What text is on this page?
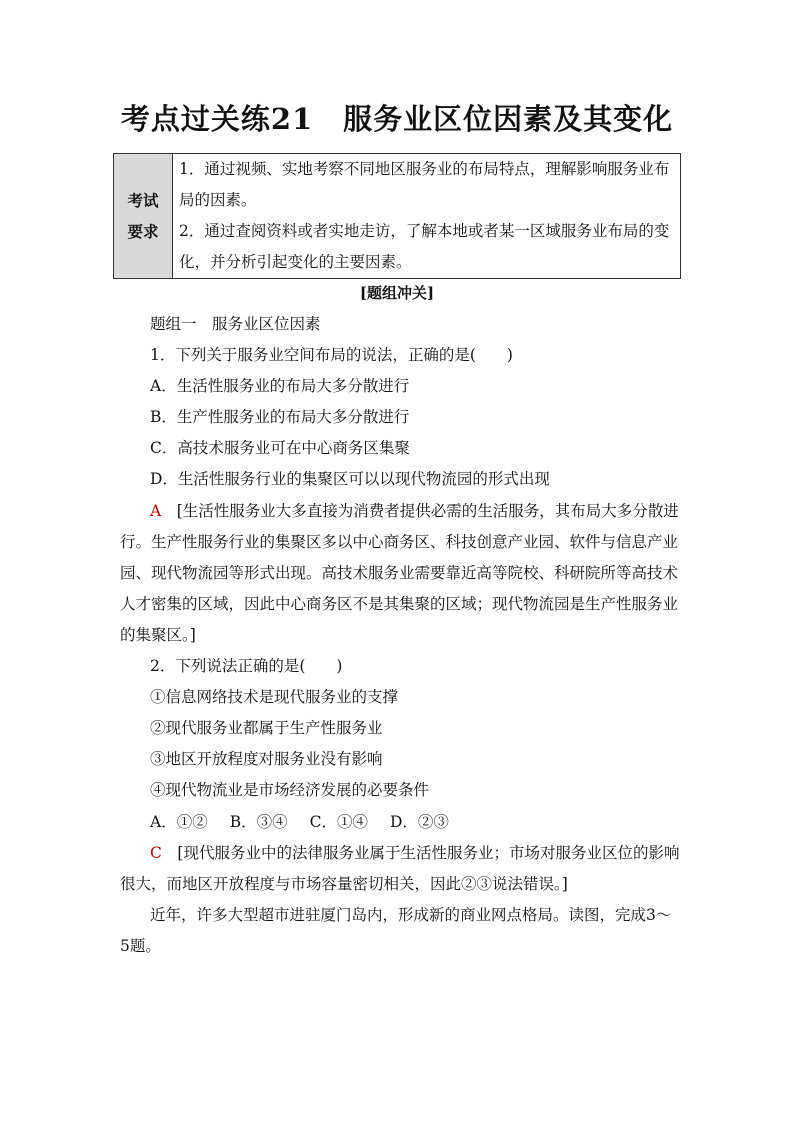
考点过关练21 服务业区位因素及其变化
考试
要求

1．通过视频、实地考察不同地区服务业的布局特点，理解影响服务业布局的因素。
2．通过查阅资料或者实地走访，了解本地或者某一区域服务业布局的变化，并分析引起变化的主要因素。
[题组冲关]

题组一　服务业区位因素

1．下列关于服务业空间布局的说法，正确的是(　　)

A．生活性服务业的布局大多分散进行

B．生产性服务业的布局大多分散进行

C．高技术服务业可在中心商务区集聚

D．生活性服务行业的集聚区可以以现代物流园的形式出现

A　 [生活性服务业大多直接为消费者提供必需的生活服务，其布局大多分散进行。生产性服务行业的集聚区多以中心商务区、科技创意产业园、软件与信息产业园、现代物流园等形式出现。高技术服务业需要靠近高等院校、科研院所等高技术人才密集的区域，因此中心商务区不是其集聚的区域；现代物流园是生产性服务业的集聚区。]

2．下列说法正确的是(　　)

①信息网络技术是现代服务业的支撑

②现代服务业都属于生产性服务业

③地区开放程度对服务业没有影响

④现代物流业是市场经济发展的必要条件

A．①② B．③④ C．①④ D．②③

C　 [现代服务业中的法律服务业属于生活性服务业；市场对服务业区位的影响很大，而地区开放程度与市场容量密切相关，因此②③说法错误。]

近年，许多大型超市进驻厦门岛内，形成新的商业网点格局。读图，完成3～5题。
